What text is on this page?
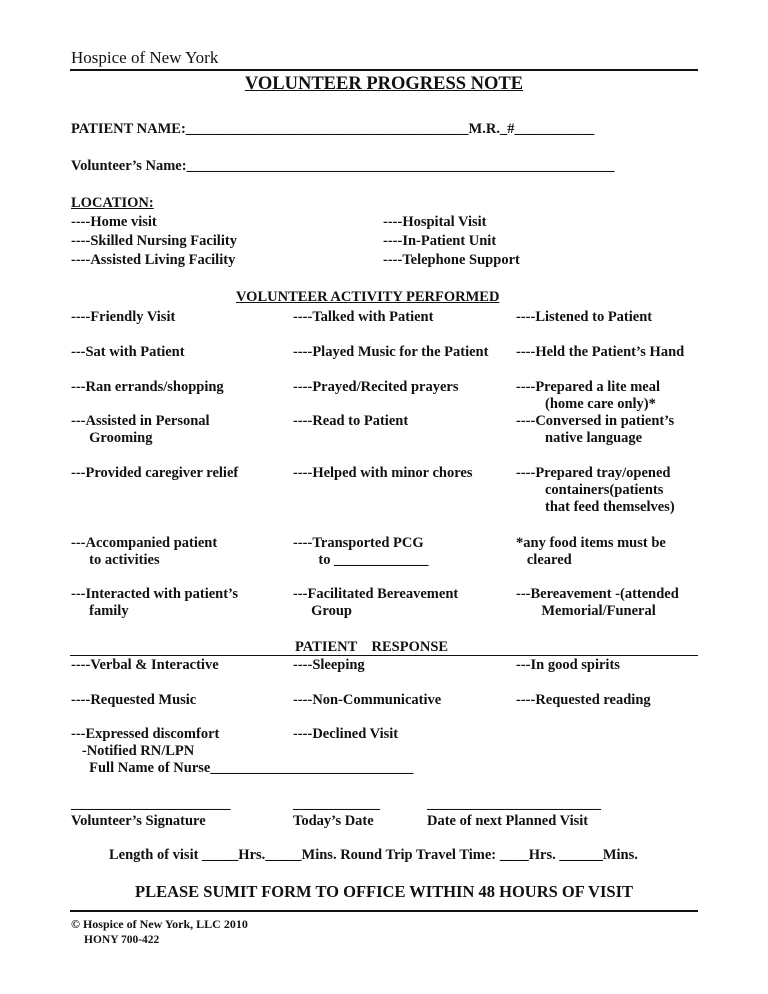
Hospice of New York
VOLUNTEER PROGRESS NOTE
PATIENT NAME:_______________________________________M.R._#___________
Volunteer’s Name:___________________________________________________________
LOCATION:
----Home visit
----Skilled Nursing Facility
----Assisted Living Facility
----Hospital Visit
----In-Patient Unit
----Telephone Support
VOLUNTEER ACTIVITY PERFORMED
----Friendly Visit
---Sat with Patient
---Ran errands/shopping
---Assisted in Personal
Grooming
---Provided caregiver relief
---Accompanied patient
to activities
---Interacted with patient’s
family
----Talked with Patient
----Played Music for the Patient
----Prayed/Recited prayers
----Read to Patient
----Helped with minor chores
----Transported PCG
to _____________
---Facilitated Bereavement
Group
----Listened to Patient
----Held the Patient’s Hand
----Prepared a lite meal
(home care only)*
----Conversed in patient’s
native language
----Prepared tray/opened
containers(patients
that feed themselves)
*any food items must be
cleared
---Bereavement -(attended
Memorial/Funeral
PATIENT    RESPONSE
----Verbal & Interactive
----Requested Music
---Expressed discomfort
-Notified RN/LPN
Full Name of Nurse____________________________
----Sleeping
----Non-Communicative
----Declined Visit
---In good spirits
----Requested reading
______________________
Volunteer’s Signature
____________
Today’s Date
________________________
Date of next Planned Visit
Length of visit _____Hrs._____Mins. Round Trip Travel Time: ____Hrs. ______Mins.
PLEASE SUMIT FORM TO OFFICE WITHIN 48 HOURS OF VISIT
© Hospice of New York, LLC 2010
HONY 700-422
